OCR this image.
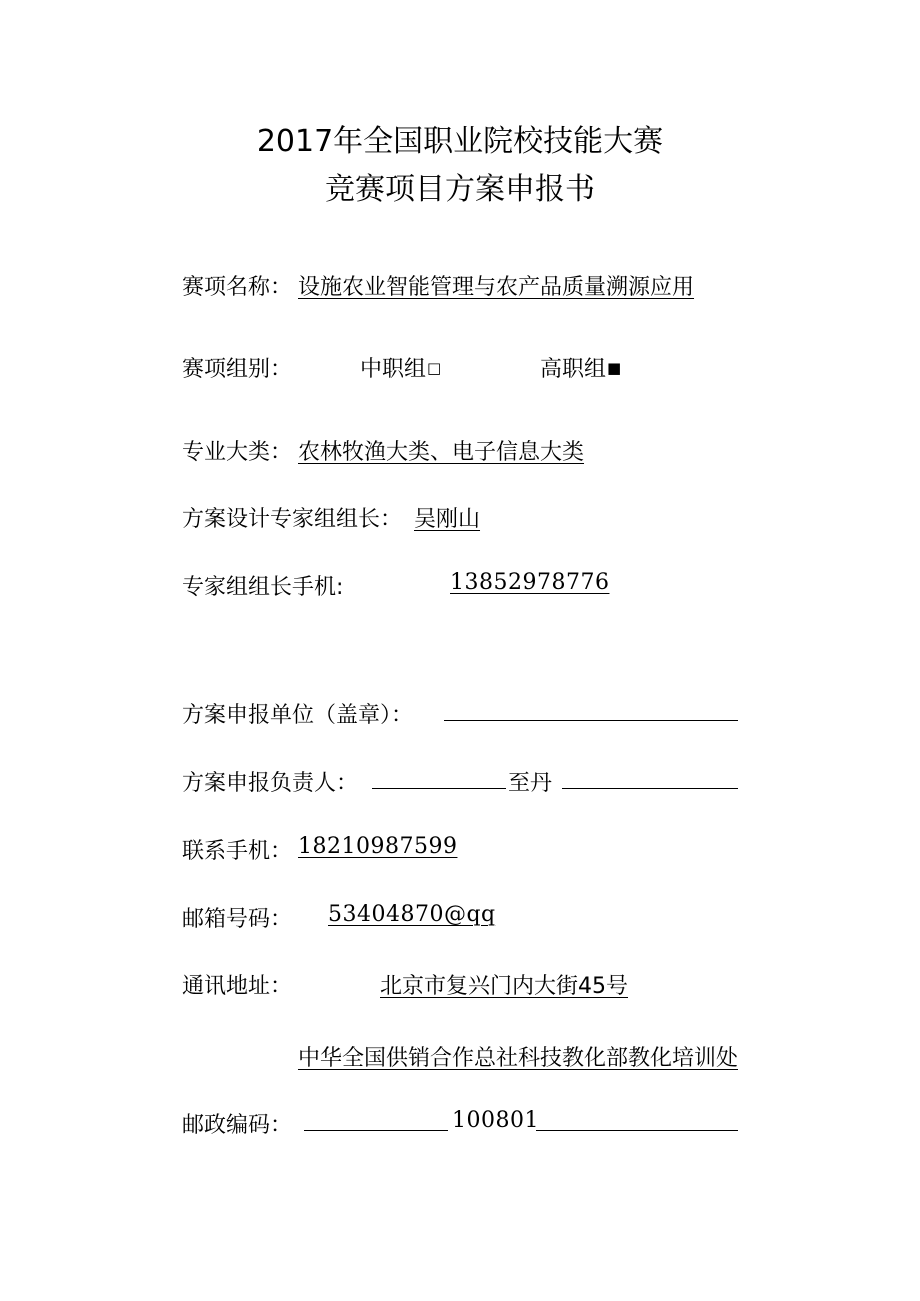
2017年全国职业院校技能大赛
竞赛项目方案申报书
赛项名称： 设施农业智能管理与农产品质量溯源应用
赛项组别：	中职组□	高职组■
专业大类： 农林牧渔大类、电子信息大类
方案设计专家组组长： 吴刚山
专家组组长手机:	13852978776
方案申报单位（盖章）：
方案申报负责人：	至丹
联系手机： 18210987599
邮箱号码： 53404870@qq
通讯地址：	北京市复兴门内大街45号
中华全国供销合作总社科技教化部教化培训处
邮政编码：	100801
